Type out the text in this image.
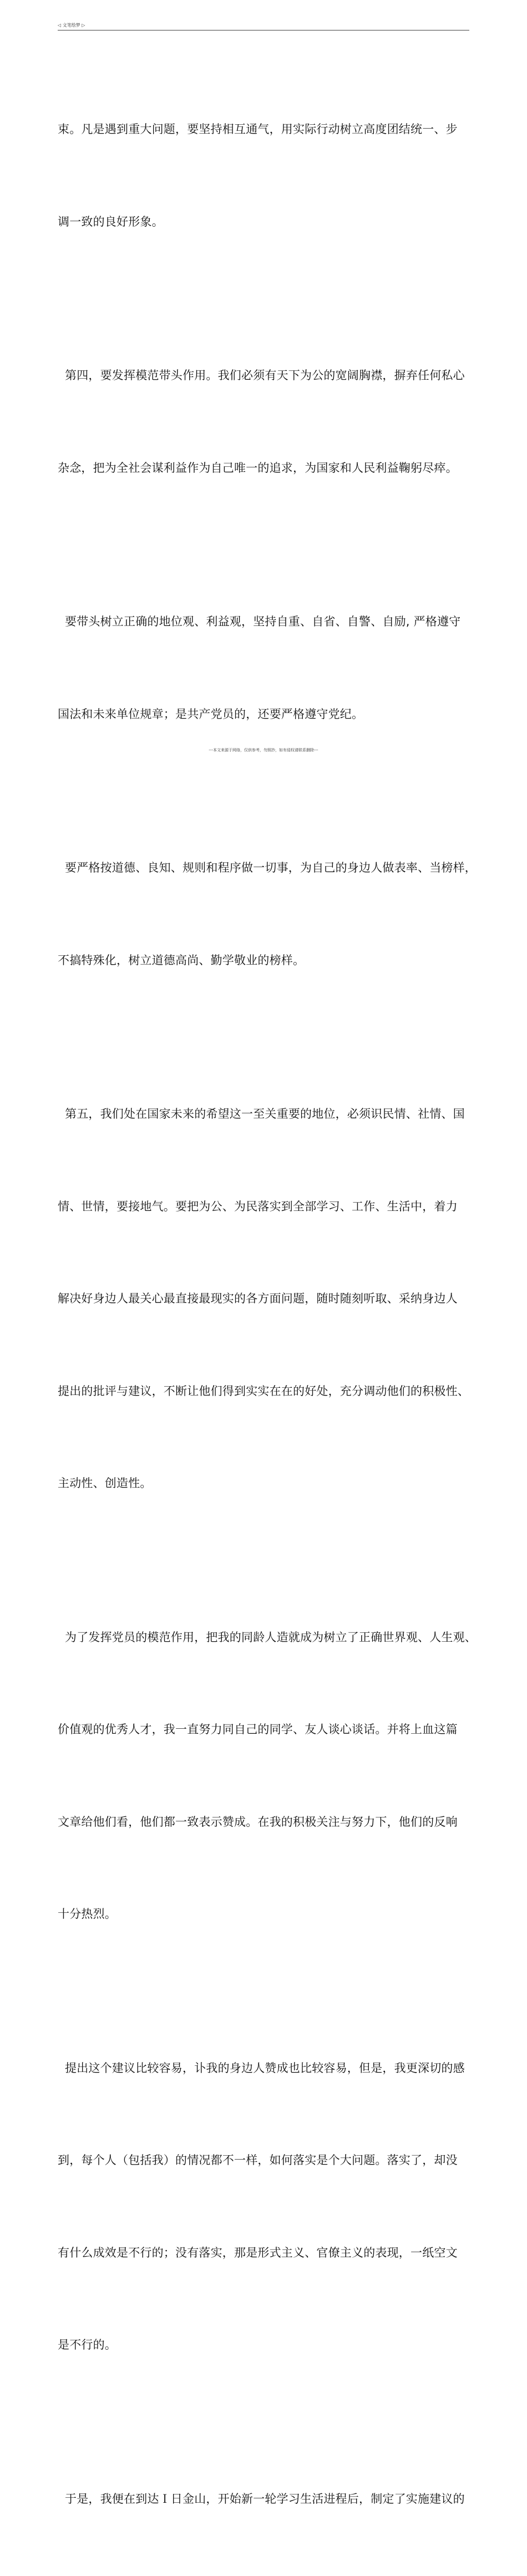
◁ 文笔绘梦 ▷

束。凡是遇到重大问题，要坚持相互通气，用实际行动树立高度团结统一、步

调一致的良好形象。

第四，要发挥模范带头作用。我们必须有天下为公的宽阔胸襟，摒弃任何私心

杂念，把为全社会谋利益作为自己唯一的追求，为国家和人民利益鞠躬尽瘁。

要带头树立正确的地位观、利益观，坚持自重、自省、自警、自励, 严格遵守

国法和未来单位规章；是共产党员的，还要严格遵守党纪。

要严格按道德、良知、规则和程序做一切事，为自己的身边人做表率、当榜样，

不搞特殊化，树立道德高尚、勤学敬业的榜样。

第五，我们处在国家未来的希望这一至关重要的地位，必须识民情、社情、国

情、世情，要接地气。要把为公、为民落实到全部学习、工作、生活中，着力

解决好身边人最关心最直接最现实的各方面问题，随时随刻听取、采纳身边人

提出的批评与建议，不断让他们得到实实在在的好处，充分调动他们的积极性、

主动性、创造性。

为了发挥党员的模范作用，把我的同龄人造就成为树立了正确世界观、人生观、

价值观的优秀人才，我一直努力同自己的同学、友人谈心谈话。并将上血这篇

文章给他们看，他们都一致表示赞成。在我的积极关注与努力下，他们的反响

十分热烈。

提出这个建议比较容易，讣我的身边人赞成也比较容易，但是，我更深切的感

到，每个人（包括我）的情况都不一样，如何落实是个大问题。落实了，却没

有什么成效是不行的；没有落实，那是形式主义、官僚主义的表现，一纸空文

是不行的。

于是，我便在到达Ｉ日金山，开始新一轮学习生活进程后，制定了实施建议的

---本文来源于网络，仅供参考，勿照抄，如有侵权请联系删除---
